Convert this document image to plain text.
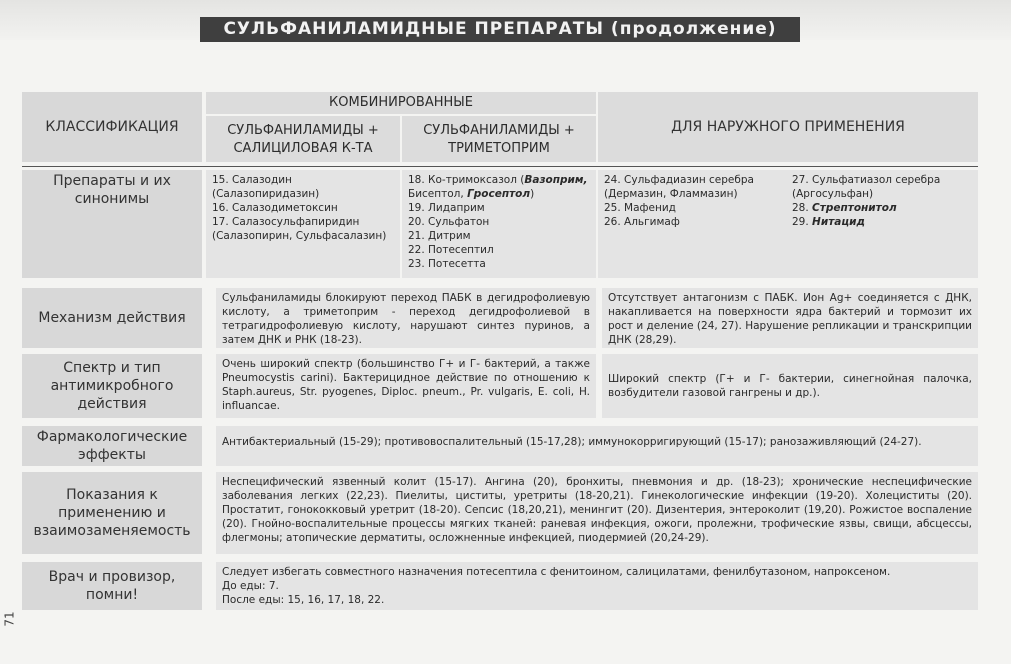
СУЛЬФАНИЛАМИДНЫЕ ПРЕПАРАТЫ (продолжение)
КЛАССИФИКАЦИЯ
КОМБИНИРОВАННЫЕ
СУЛЬФАНИЛАМИДЫ + САЛИЦИЛОВАЯ К-ТА
СУЛЬФАНИЛАМИДЫ + ТРИМЕТОПРИМ
ДЛЯ НАРУЖНОГО ПРИМЕНЕНИЯ
Препараты и их синонимы
15. Салазодин
(Салазопиридазин)
16. Салазодиметоксин
17. Салазосульфапиридин
(Салазопирин, Сульфасалазин)
18. Ко-тримоксазол (Вазоприм,
Бисептол, Гросептол)
19. Лидаприм
20. Сульфатон
21. Дитрим
22. Потесептил
23. Потесетта
24. Сульфадиазин серебра
(Дермазин, Фламмазин)
25. Мафенид
26. Альгимаф
27. Сульфатиазол серебра
(Аргосульфан)
28. Стрептонитол
29. Нитацид
Механизм действия
Сульфаниламиды блокируют переход ПАБК в дегидрофолиевую кислоту, а триметоприм - переход дегидрофолиевой в тетрагидрофолиевую кислоту, нарушают синтез пуринов, а затем ДНК и РНК (18-23).
Отсутствует антагонизм с ПАБК. Ион Ag+ соединяется с ДНК, накапливается на поверхности ядра бактерий и тормозит их рост и деление (24, 27). Нарушение репликации и транскрипции ДНК (28,29).
Спектр и тип антимикробного действия
Очень широкий спектр (большинство Г+ и Г- бактерий, а также Pneumocystis carini). Бактерицидное действие по отношению к Staph.aureus, Str. pyogenes, Diploc. pneum., Pr. vulgaris, E. coli, H. influancae.
Широкий спектр (Г+ и Г- бактерии, синегнойная палочка, возбудители газовой гангрены и др.).
Фармакологические эффекты
Антибактериальный (15-29); противовоспалительный (15-17,28); иммунокорригирующий (15-17); ранозаживляющий (24-27).
Показания к применению и взаимозаменяемость
Неспецифический язвенный колит (15-17). Ангина (20), бронхиты, пневмония и др. (18-23); хронические неспецифические заболевания легких (22,23). Пиелиты, циститы, уретриты (18-20,21). Гинекологические инфекции (19-20). Холециститы (20). Простатит, гонококковый уретрит (18-20). Сепсис (18,20,21), менингит (20). Дизентерия, энтероколит (19,20). Рожистое воспаление (20). Гнойно-воспалительные процессы мягких тканей: раневая инфекция, ожоги, пролежни, трофические язвы, свищи, абсцессы, флегмоны; атопические дерматиты, осложненные инфекцией, пиодермией (20,24-29).
Врач и провизор, помни!
Следует избегать совместного назначения потесептила с фенитоином, салицилатами, фенилбутазоном, напроксеном.
До еды: 7.
После еды: 15, 16, 17, 18, 22.
71
